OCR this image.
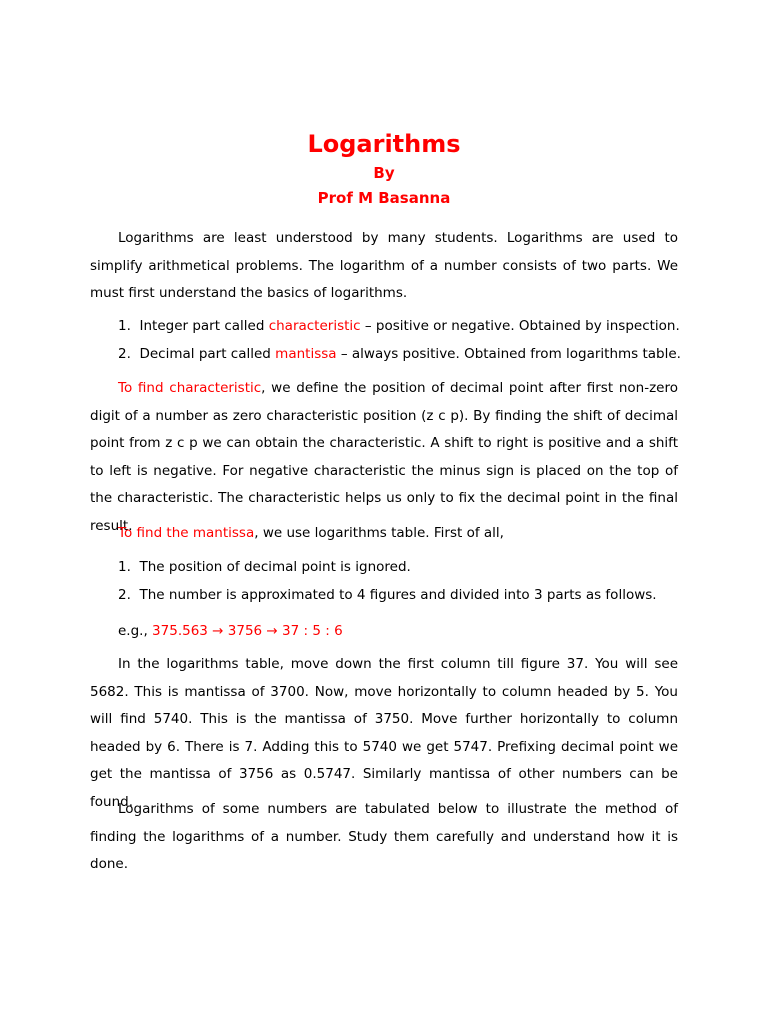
Logarithms
By
Prof M Basanna

Logarithms are least understood by many students. Logarithms are used to simplify arithmetical problems. The logarithm of a number consists of two parts. We must first understand the basics of logarithms.

1. Integer part called characteristic – positive or negative. Obtained by inspection.

2. Decimal part called mantissa – always positive. Obtained from logarithms table.

To find characteristic, we define the position of decimal point after first non-zero digit of a number as zero characteristic position (z c p). By finding the shift of decimal point from z c p we can obtain the characteristic. A shift to right is positive and a shift to left is negative. For negative characteristic the minus sign is placed on the top of the characteristic. The characteristic helps us only to fix the decimal point in the final result.

To find the mantissa, we use logarithms table. First of all,

1. The position of decimal point is ignored.

2. The number is approximated to 4 figures and divided into 3 parts as follows.

e.g., 375.563 → 3756 → 37 : 5 : 6

In the logarithms table, move down the first column till figure 37. You will see 5682. This is mantissa of 3700. Now, move horizontally to column headed by 5. You will find 5740. This is the mantissa of 3750. Move further horizontally to column headed by 6. There is 7. Adding this to 5740 we get 5747. Prefixing decimal point we get the mantissa of 3756 as 0.5747. Similarly mantissa of other numbers can be found.

Logarithms of some numbers are tabulated below to illustrate the method of finding the logarithms of a number. Study them carefully and understand how it is done.
